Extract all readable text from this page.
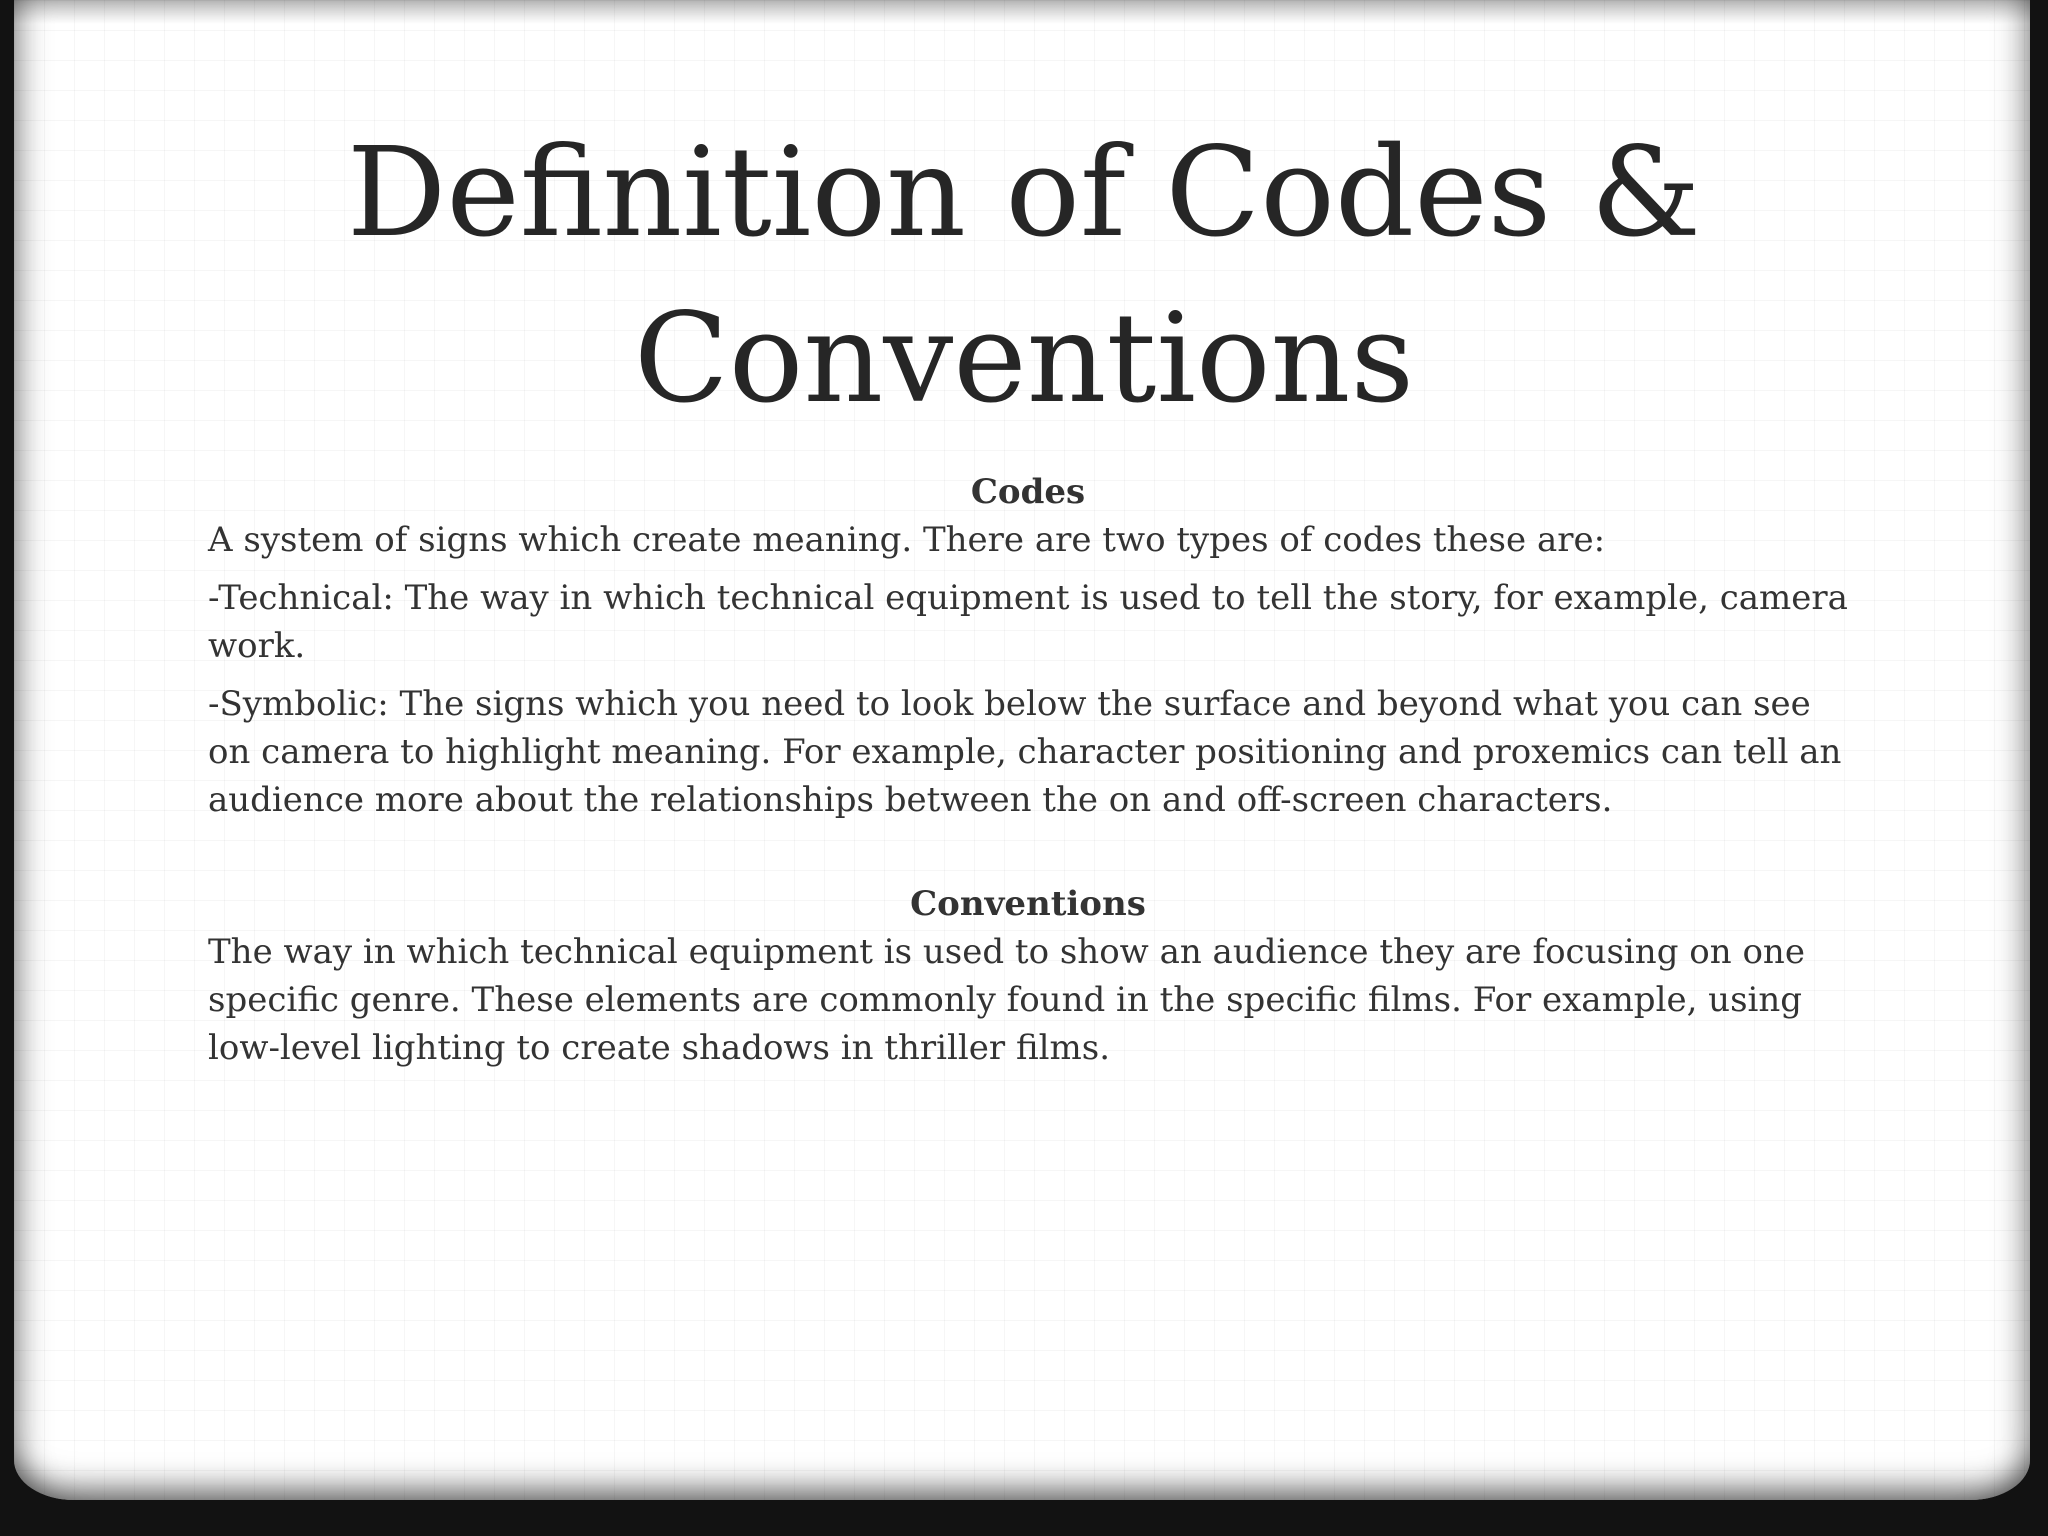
Definition of Codes &
Conventions

Codes

A system of signs which create meaning. There are two types of codes these are:

-Technical: The way in which technical equipment is used to tell the story, for example, camera work.

-Symbolic: The signs which you need to look below the surface and beyond what you can see on camera to highlight meaning. For example, character positioning and proxemics can tell an audience more about the relationships between the on and off-screen characters.

Conventions

The way in which technical equipment is used to show an audience they are focusing on one specific genre. These elements are commonly found in the specific films. For example, using low-level lighting to create shadows in thriller films.
